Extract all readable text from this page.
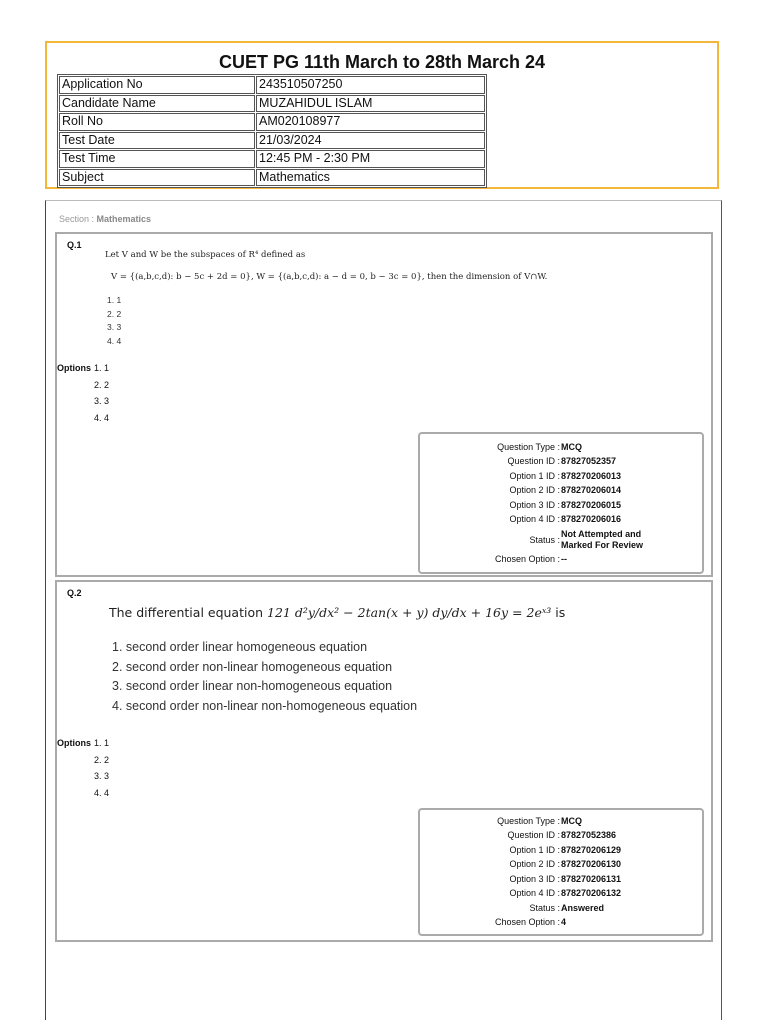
CUET PG 11th March to 28th March 24
Application No	243510507250
Candidate Name	MUZAHIDUL ISLAM
Roll No	AM020108977
Test Date	21/03/2024
Test Time	12:45 PM - 2:30 PM
Subject	Mathematics
Section : Mathematics
Q.1
Let V and W be the subspaces of R⁴ defined as
V = {(a,b,c,d): b − 5c + 2d = 0}, W = {(a,b,c,d): a − d = 0, b − 3c = 0}, then the dimension of V∩W.
1. 1
2. 2
3. 3
4. 4
Options 1. 1
2. 2
3. 3
4. 4
Question Type : MCQ
Question ID : 87827052357
Option 1 ID : 878270206013
Option 2 ID : 878270206014
Option 3 ID : 878270206015
Option 4 ID : 878270206016
Status :
Not Attempted and
Marked For Review
Chosen Option : --
Q.2
The differential equation 121 d²y/dx² − 2tan(x + y) dy/dx + 16y = 2eˣ³ is
1. second order linear homogeneous equation
2. second order non-linear homogeneous equation
3. second order linear non-homogeneous equation
4. second order non-linear non-homogeneous equation
Options 1. 1
2. 2
3. 3
4. 4
Question Type : MCQ
Question ID : 87827052386
Option 1 ID : 878270206129
Option 2 ID : 878270206130
Option 3 ID : 878270206131
Option 4 ID : 878270206132
Status : Answered
Chosen Option : 4
